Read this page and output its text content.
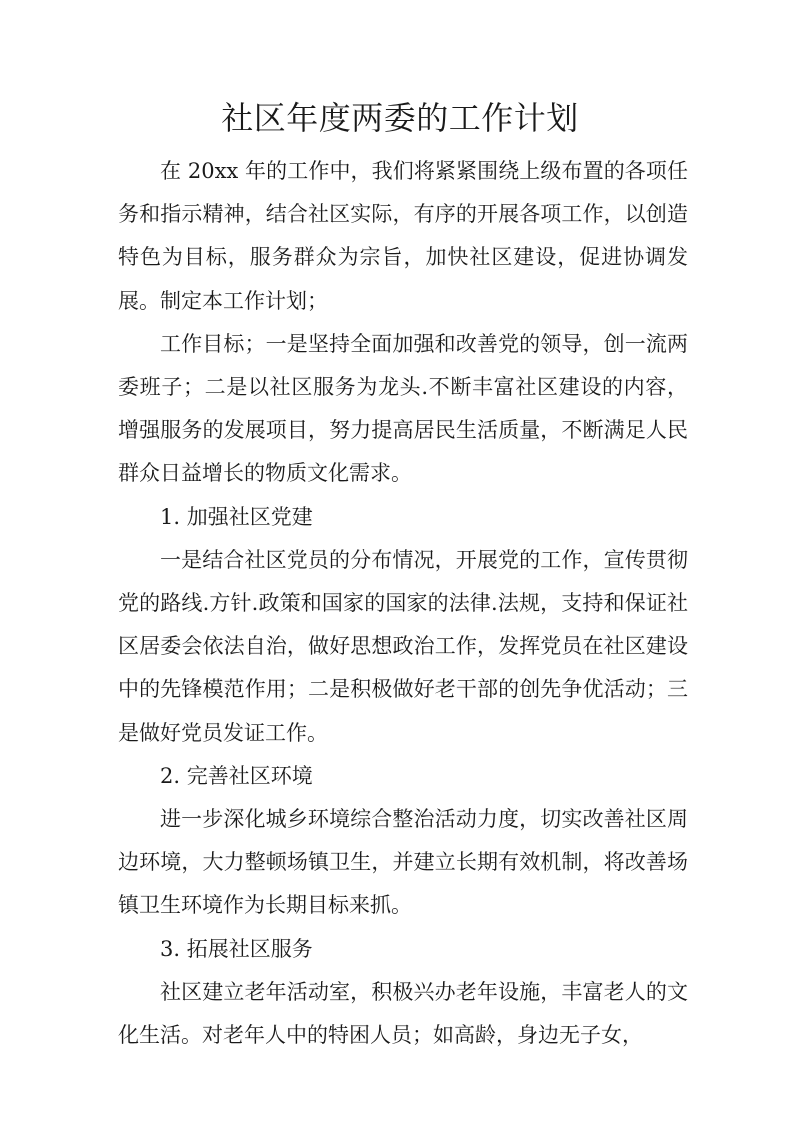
社区年度两委的工作计划

在 20xx 年的工作中，我们将紧紧围绕上级布置的各项任务和指示精神，结合社区实际，有序的开展各项工作，以创造特色为目标，服务群众为宗旨，加快社区建设，促进协调发展。制定本工作计划；

工作目标；一是坚持全面加强和改善党的领导，创一流两委班子；二是以社区服务为龙头.不断丰富社区建设的内容，增强服务的发展项目，努力提高居民生活质量，不断满足人民群众日益增长的物质文化需求。

1. 加强社区党建

一是结合社区党员的分布情况，开展党的工作，宣传贯彻党的路线.方针.政策和国家的国家的法律.法规，支持和保证社区居委会依法自治，做好思想政治工作，发挥党员在社区建设中的先锋模范作用；二是积极做好老干部的创先争优活动；三是做好党员发证工作。

2. 完善社区环境

进一步深化城乡环境综合整治活动力度，切实改善社区周边环境，大力整顿场镇卫生，并建立长期有效机制，将改善场镇卫生环境作为长期目标来抓。

3. 拓展社区服务

社区建立老年活动室，积极兴办老年设施，丰富老人的文化生活。对老年人中的特困人员；如高龄，身边无子女，
